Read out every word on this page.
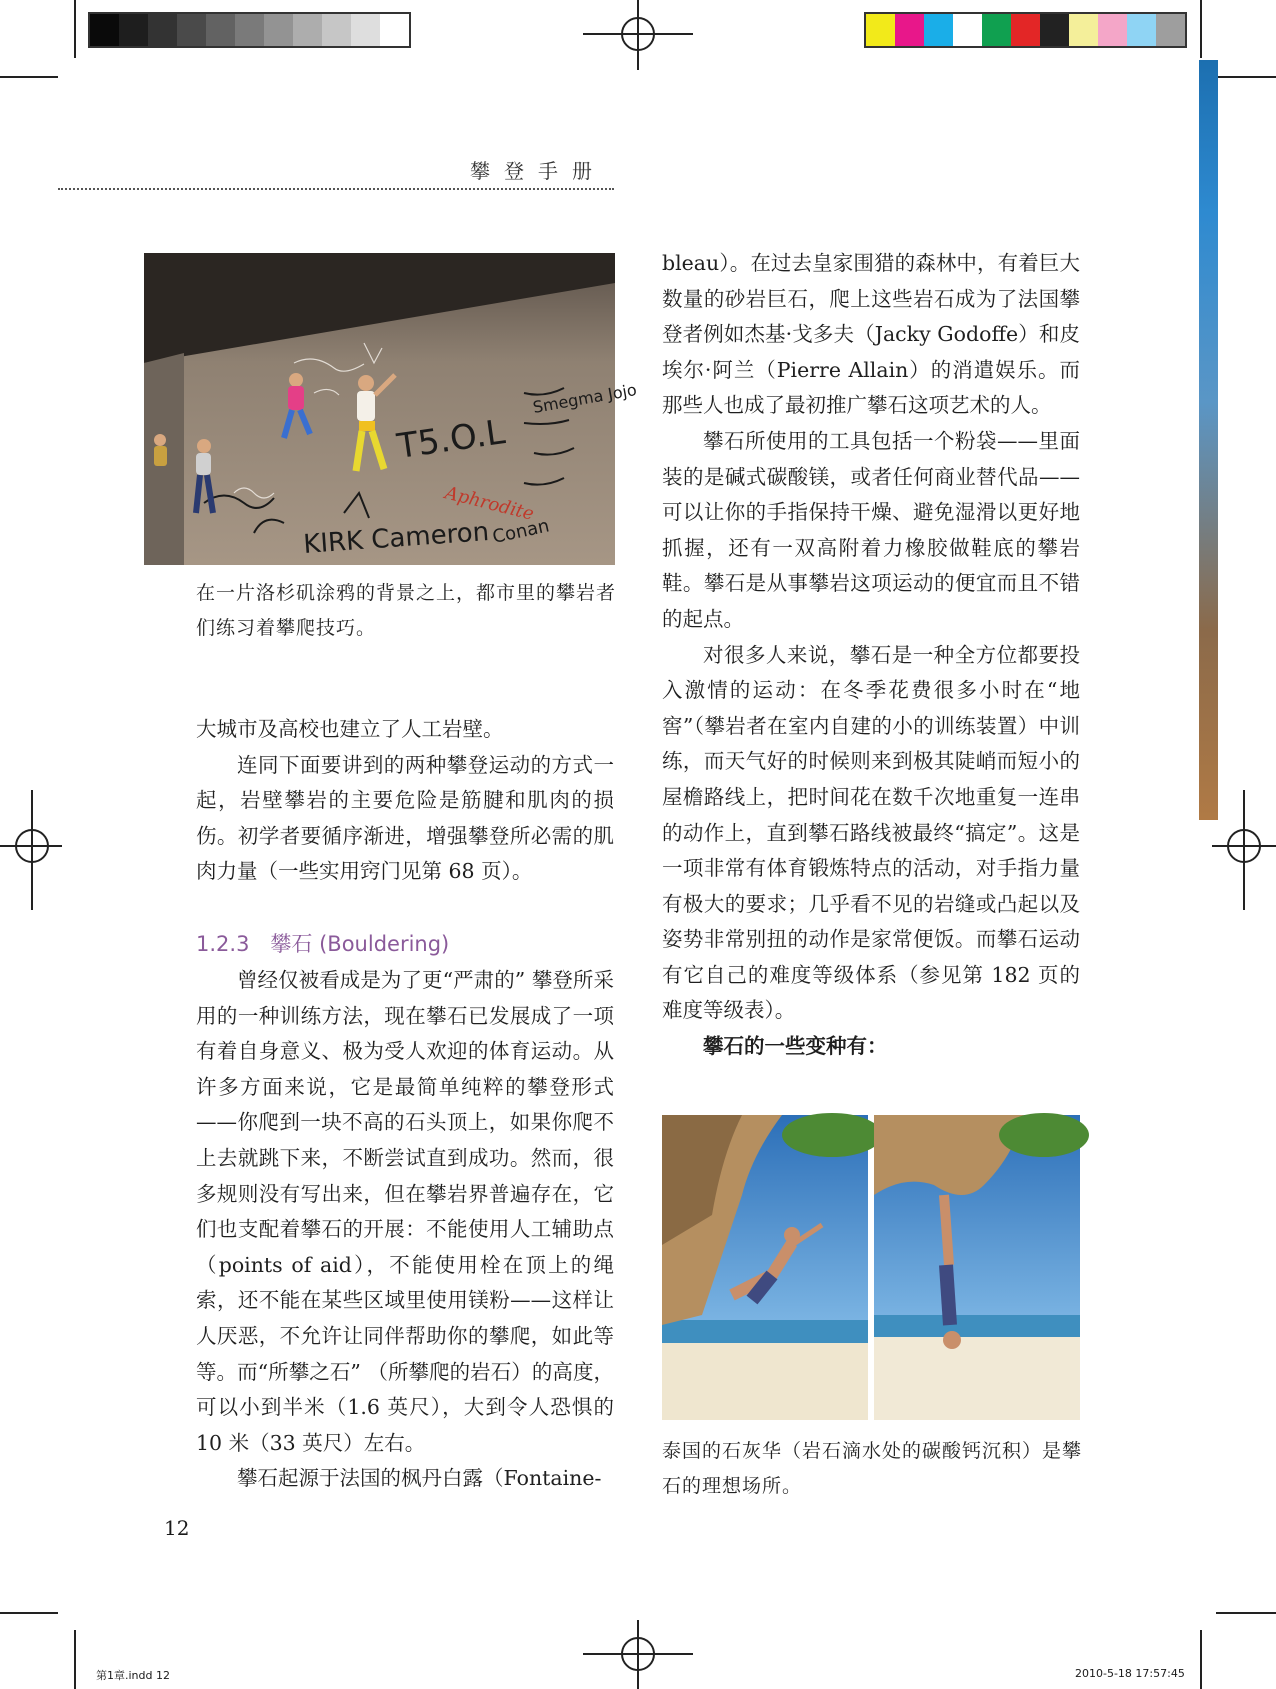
攀登手册
T5.O.L
Aphrodite
KIRK Cameron Conan
Smegma Jojo
在一片洛杉矶涂鸦的背景之上，都市里的攀岩者们练习着攀爬技巧。

大城市及高校也建立了人工岩壁。

连同下面要讲到的两种攀登运动的方式一起，岩壁攀岩的主要危险是筋腱和肌肉的损伤。初学者要循序渐进，增强攀登所必需的肌肉力量（一些实用窍门见第 68 页）。

1.2.3　攀石 (Bouldering)

曾经仅被看成是为了更“严肃的” 攀登所采用的一种训练方法，现在攀石已发展成了一项有着自身意义、极为受人欢迎的体育运动。从许多方面来说，它是最简单纯粹的攀登形式——你爬到一块不高的石头顶上，如果你爬不上去就跳下来，不断尝试直到成功。然而，很多规则没有写出来，但在攀岩界普遍存在，它们也支配着攀石的开展：不能使用人工辅助点（points of aid），不能使用栓在顶上的绳索，还不能在某些区域里使用镁粉——这样让人厌恶，不允许让同伴帮助你的攀爬，如此等等。而“所攀之石” （所攀爬的岩石）的高度，可以小到半米（1.6 英尺），大到令人恐惧的 10 米（33 英尺）左右。

攀石起源于法国的枫丹白露（Fontaine-

bleau）。在过去皇家围猎的森林中，有着巨大数量的砂岩巨石，爬上这些岩石成为了法国攀登者例如杰基·戈多夫（Jacky Godoffe）和皮埃尔·阿兰（Pierre Allain）的消遣娱乐。而那些人也成了最初推广攀石这项艺术的人。

攀石所使用的工具包括一个粉袋——里面装的是碱式碳酸镁，或者任何商业替代品——可以让你的手指保持干燥、避免湿滑以更好地抓握，还有一双高附着力橡胶做鞋底的攀岩鞋。攀石是从事攀岩这项运动的便宜而且不错的起点。

对很多人来说，攀石是一种全方位都要投入激情的运动：在冬季花费很多小时在“地窖”（攀岩者在室内自建的小的训练装置）中训练，而天气好的时候则来到极其陡峭而短小的屋檐路线上，把时间花在数千次地重复一连串的动作上，直到攀石路线被最终“搞定”。这是一项非常有体育锻炼特点的活动，对手指力量有极大的要求；几乎看不见的岩缝或凸起以及姿势非常别扭的动作是家常便饭。而攀石运动有它自己的难度等级体系（参见第 182 页的难度等级表）。

攀石的一些变种有：

泰国的石灰华（岩石滴水处的碳酸钙沉积）是攀石的理想场所。
12
第1章.indd 12	2010-5-18 17:57:45
